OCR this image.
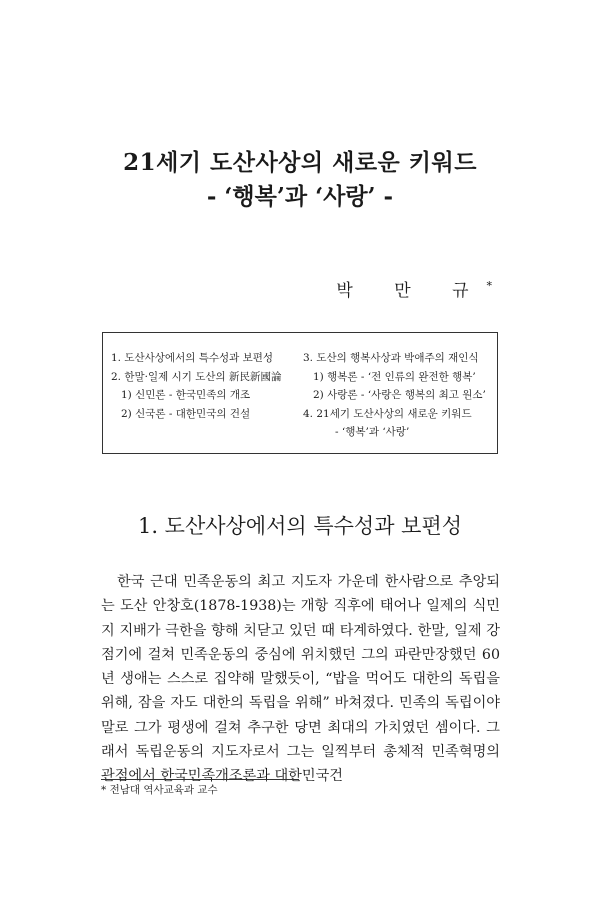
21세기 도산사상의 새로운 키워드
- ‘행복’과 ‘사랑’ -
박 만 규*
1. 도산사상에서의 특수성과 보편성
2. 한말·일제 시기 도산의 新民新國論
1) 신민론 - 한국민족의 개조
2) 신국론 - 대한민국의 건설
3. 도산의 행복사상과 박애주의 재인식
1) 행복론 - ‘전 인류의 완전한 행복’
2) 사랑론 - ‘사랑은 행복의 최고 원소’
4. 21세기 도산사상의 새로운 키워드
- ‘행복’과 ‘사랑’
1. 도산사상에서의 특수성과 보편성
한국 근대 민족운동의 최고 지도자 가운데 한사람으로 추앙되는 도산 안창호(1878-1938)는 개항 직후에 태어나 일제의 식민지 지배가 극한을 향해 치닫고 있던 때 타계하였다. 한말, 일제 강점기에 걸쳐 민족운동의 중심에 위치했던 그의 파란만장했던 60년 생애는 스스로 집약해 말했듯이, “밥을 먹어도 대한의 독립을 위해, 잠을 자도 대한의 독립을 위해” 바쳐졌다. 민족의 독립이야말로 그가 평생에 걸쳐 추구한 당면 최대의 가치였던 셈이다. 그래서 독립운동의 지도자로서 그는 일찍부터 총체적 민족혁명의 관점에서 한국민족개조론과 대한민국건
* 전남대 역사교육과 교수
